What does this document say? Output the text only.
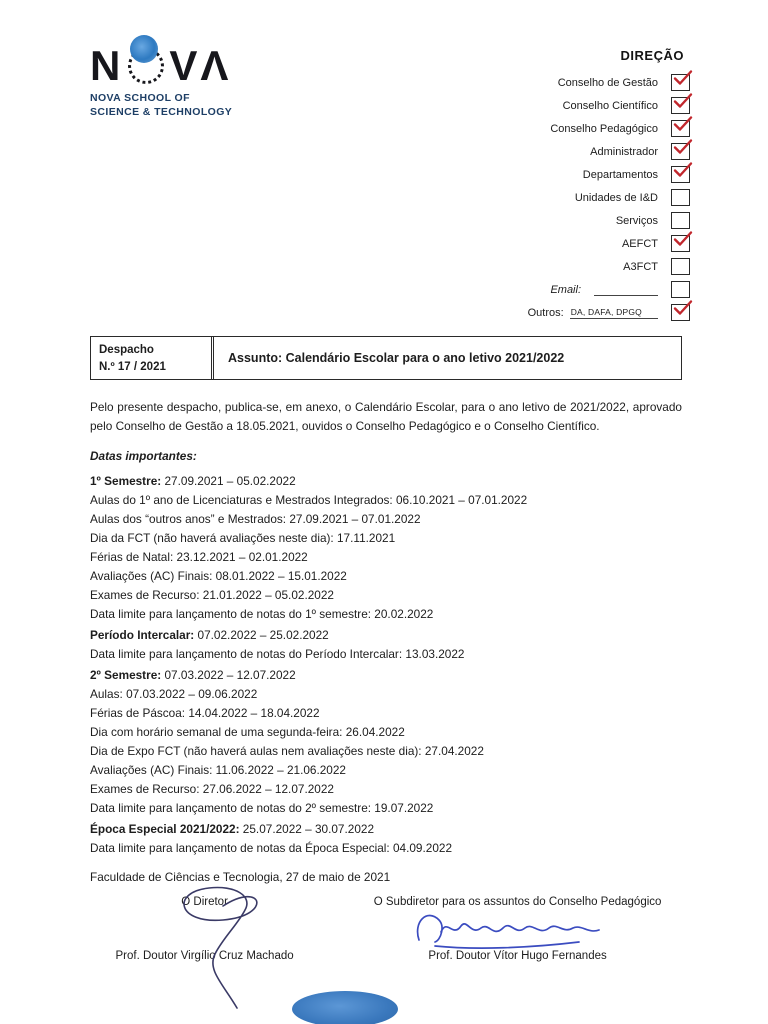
N V Λ
NOVA SCHOOL OF
SCIENCE & TECHNOLOGY
DIREÇÃO
Conselho de Gestão
Conselho Científico
Conselho Pedagógico
Administrador
Departamentos
Unidades de I&D
Serviços
AEFCT
A3FCT
Email:
Outros: DA, DAFA, DPGQ
Despacho
N.º 17 / 2021
Assunto: Calendário Escolar para o ano letivo 2021/2022

Pelo presente despacho, publica-se, em anexo, o Calendário Escolar, para o ano letivo de 2021/2022, aprovado pelo Conselho de Gestão a 18.05.2021, ouvidos o Conselho Pedagógico e o Conselho Científico.

Datas importantes:

1º Semestre: 27.09.2021 – 05.02.2022

Aulas do 1º ano de Licenciaturas e Mestrados Integrados: 06.10.2021 – 07.01.2022

Aulas dos “outros anos” e Mestrados: 27.09.2021 – 07.01.2022

Dia da FCT (não haverá avaliações neste dia): 17.11.2021

Férias de Natal: 23.12.2021 – 02.01.2022

Avaliações (AC) Finais: 08.01.2022 – 15.01.2022

Exames de Recurso: 21.01.2022 – 05.02.2022

Data limite para lançamento de notas do 1º semestre: 20.02.2022

Período Intercalar: 07.02.2022 – 25.02.2022

Data limite para lançamento de notas do Período Intercalar: 13.03.2022

2º Semestre: 07.03.2022 – 12.07.2022

Aulas: 07.03.2022 – 09.06.2022

Férias de Páscoa: 14.04.2022 – 18.04.2022

Dia com horário semanal de uma segunda-feira: 26.04.2022

Dia de Expo FCT (não haverá aulas nem avaliações neste dia): 27.04.2022

Avaliações (AC) Finais: 11.06.2022 – 21.06.2022

Exames de Recurso: 27.06.2022 – 12.07.2022

Data limite para lançamento de notas do 2º semestre: 19.07.2022

Época Especial 2021/2022: 25.07.2022 – 30.07.2022

Data limite para lançamento de notas da Época Especial: 04.09.2022

Faculdade de Ciências e Tecnologia, 27 de maio de 2021

O Diretor
Prof. Doutor Virgílio Cruz Machado
O Subdiretor para os assuntos do Conselho Pedagógico
Prof. Doutor Vítor Hugo Fernandes
